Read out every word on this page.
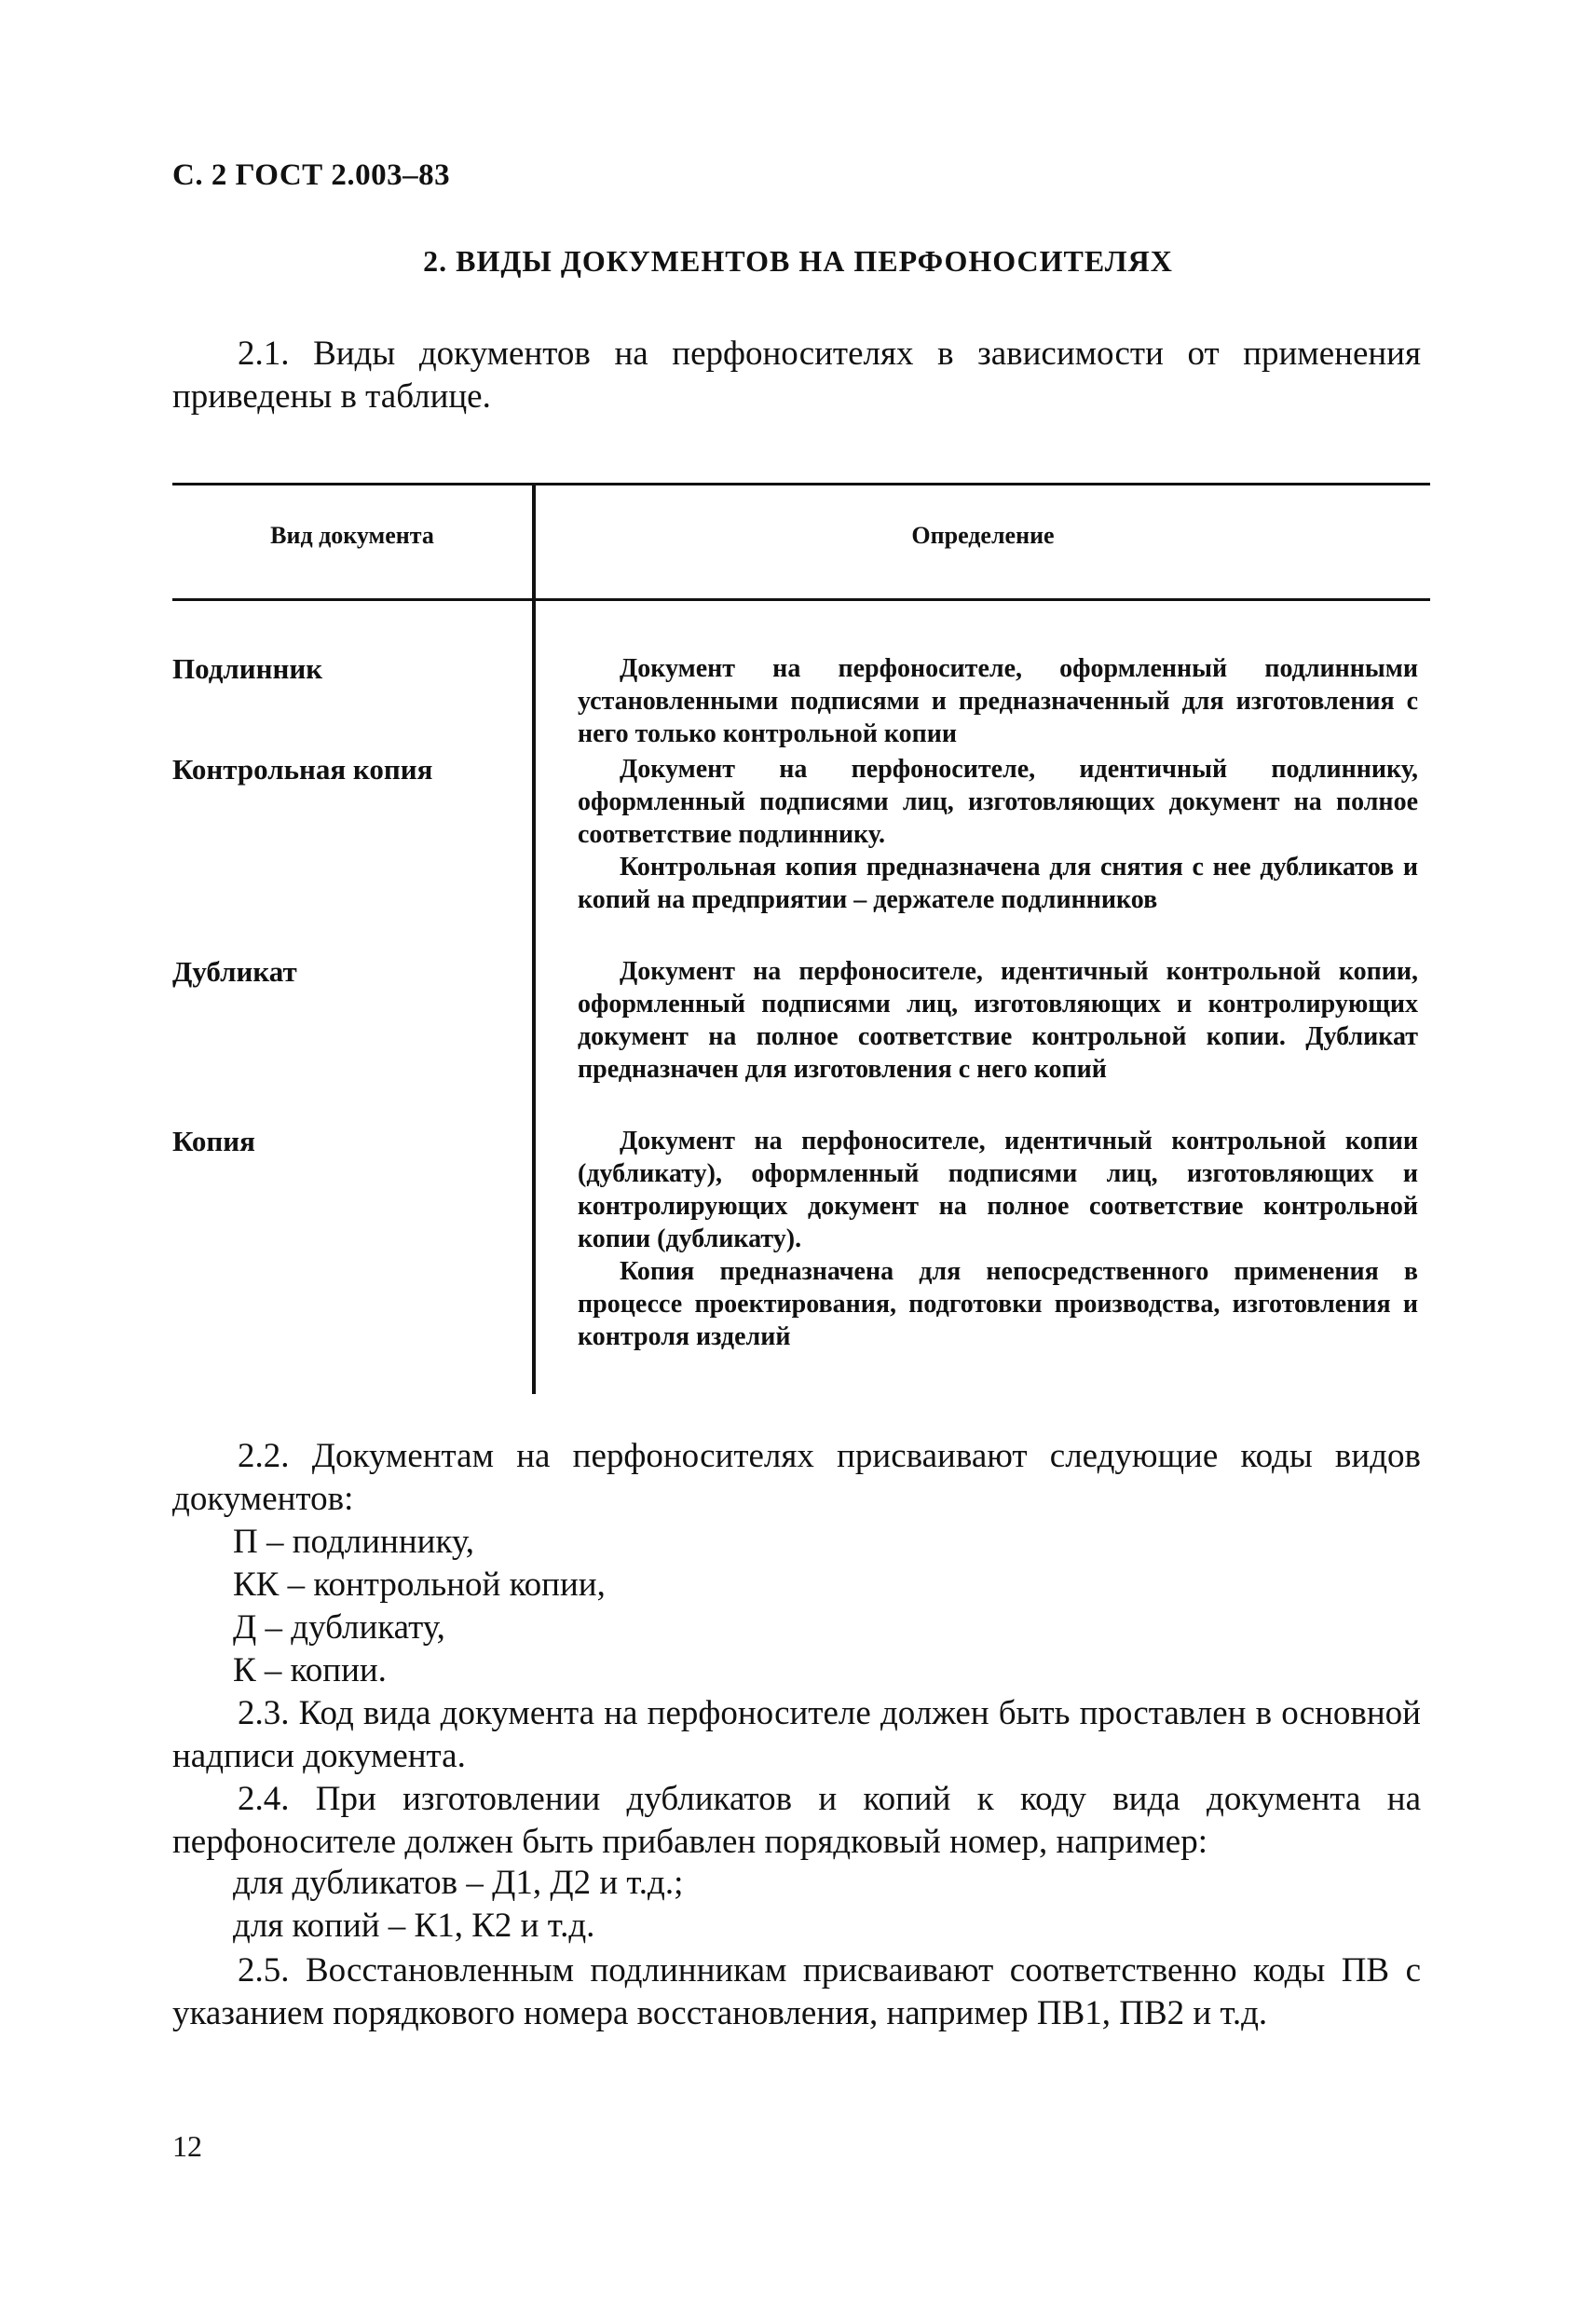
С. 2 ГОСТ 2.003–83
2. ВИДЫ ДОКУМЕНТОВ НА ПЕРФОНОСИТЕЛЯХ
2.1. Виды документов на перфоносителях в зависимости от применения приведены в таблице.
Вид документа	Определение
Подлинник	Документ на перфоносителе, оформленный подлинными установленными подписями и предназначенный для изготовления с него только контрольной копии

Контрольная копия	Документ на перфоносителе, идентичный подлиннику, оформленный подписями лиц, изготовляющих документ на полное соответствие подлиннику.

Контрольная копия предназначена для снятия с нее дубликатов и копий на предприятии – держателе подлинников

Дубликат	Документ на перфоносителе, идентичный контрольной копии, оформленный подписями лиц, изготовляющих и контролирующих документ на полное соответствие контрольной копии. Дубликат предназначен для изготовления с него копий

Копия	Документ на перфоносителе, идентичный контрольной копии (дубликату), оформленный подписями лиц, изготовляющих и контролирующих документ на полное соответствие контрольной копии (дубликату).

Копия предназначена для непосредственного применения в процессе проектирования, подготовки производства, изготовления и контроля изделий

2.2. Документам на перфоносителях присваивают следующие коды видов документов:
П – подлиннику,
КК – контрольной копии,
Д – дубликату,
К – копии.
2.3. Код вида документа на перфоносителе должен быть проставлен в основной надписи документа.
2.4. При изготовлении дубликатов и копий к коду вида документа на перфоносителе должен быть прибавлен порядковый номер, например:
для дубликатов – Д1, Д2 и т.д.;
для копий – К1, К2 и т.д.
2.5. Восстановленным подлинникам присваивают соответственно коды ПВ с указанием порядкового номера восстановления, например ПВ1, ПВ2 и т.д.
12
